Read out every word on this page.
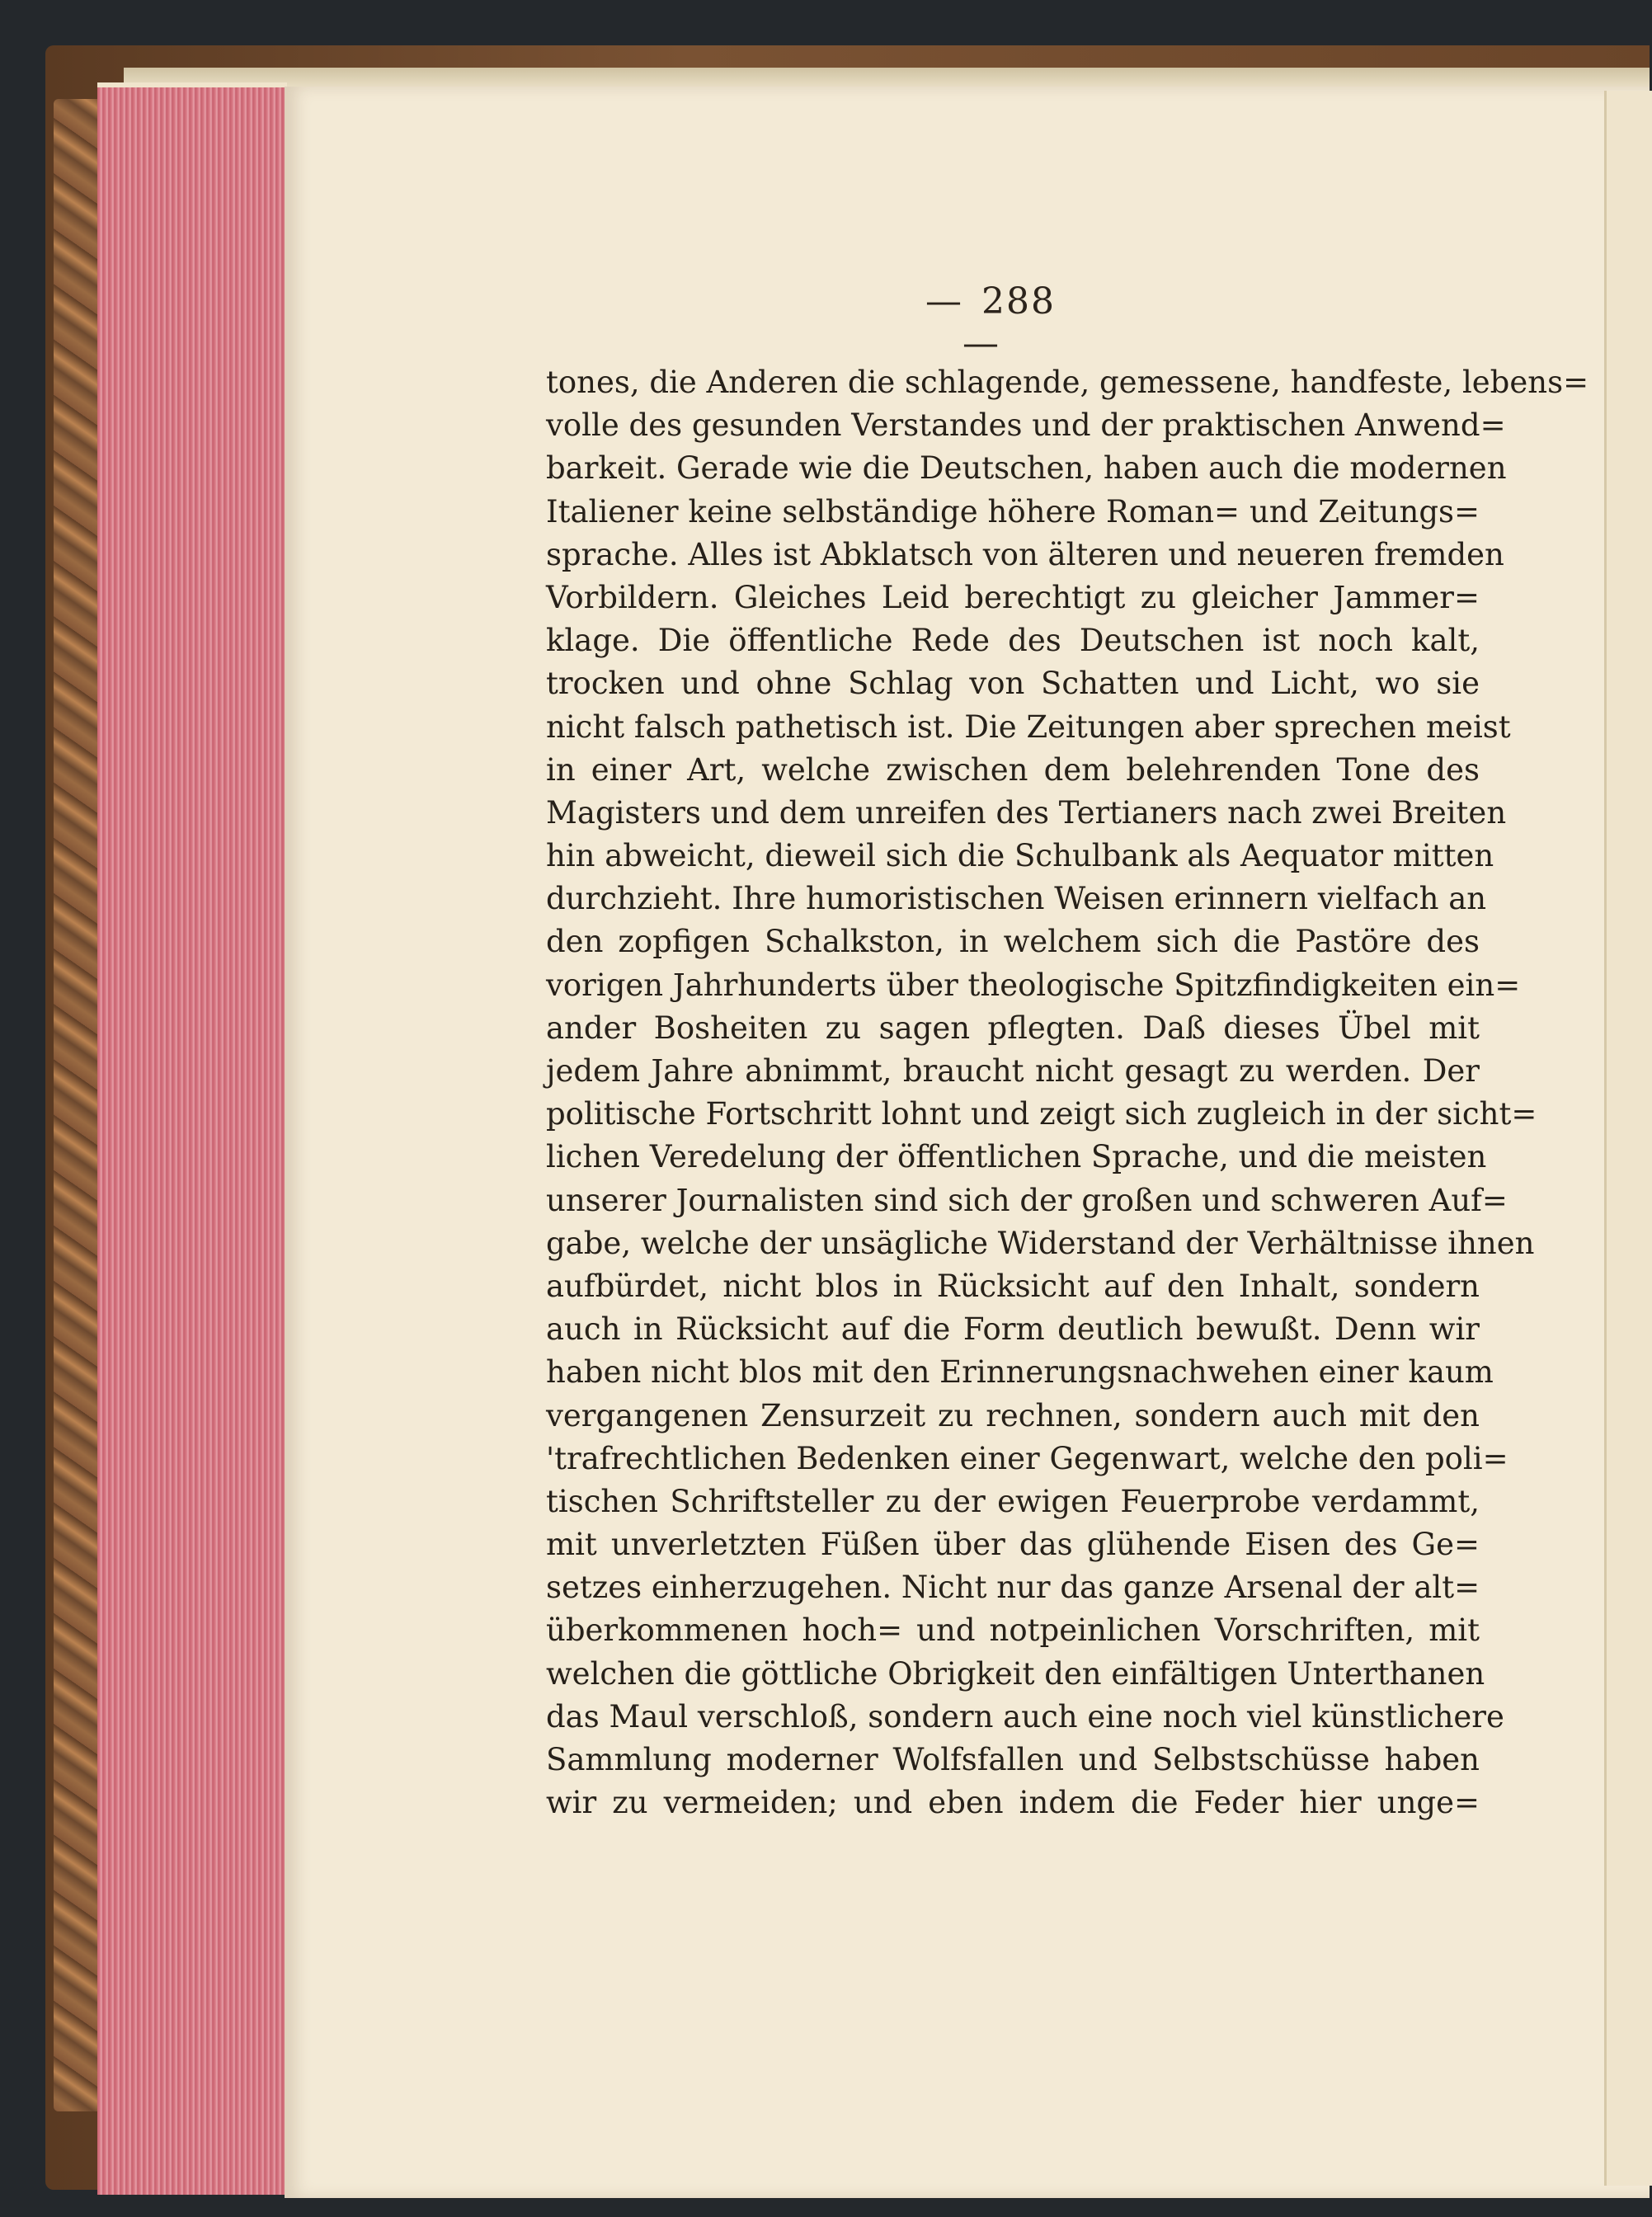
— 288—
tones, die Anderen die schlagende, gemessene, handfeste, lebens=
volle des gesunden Verstandes und der praktischen Anwend=
barkeit. Gerade wie die Deutschen, haben auch die modernen
Italiener keine selbständige höhere Roman= und Zeitungs=
sprache. Alles ist Abklatsch von älteren und neueren fremden
Vorbildern. Gleiches Leid berechtigt zu gleicher Jammer=
klage. Die öffentliche Rede des Deutschen ist noch kalt,
trocken und ohne Schlag von Schatten und Licht, wo sie
nicht falsch pathetisch ist. Die Zeitungen aber sprechen meist
in einer Art, welche zwischen dem belehrenden Tone des
Magisters und dem unreifen des Tertianers nach zwei Breiten
hin abweicht, dieweil sich die Schulbank als Aequator mitten
durchzieht. Ihre humoristischen Weisen erinnern vielfach an
den zopfigen Schalkston, in welchem sich die Pastöre des
vorigen Jahrhunderts über theologische Spitzfindigkeiten ein=
ander Bosheiten zu sagen pflegten. Daß dieses Übel mit
jedem Jahre abnimmt, braucht nicht gesagt zu werden. Der
politische Fortschritt lohnt und zeigt sich zugleich in der sicht=
lichen Veredelung der öffentlichen Sprache, und die meisten
unserer Journalisten sind sich der großen und schweren Auf=
gabe, welche der unsägliche Widerstand der Verhältnisse ihnen
aufbürdet, nicht blos in Rücksicht auf den Inhalt, sondern
auch in Rücksicht auf die Form deutlich bewußt. Denn wir
haben nicht blos mit den Erinnerungsnachwehen einer kaum
vergangenen Zensurzeit zu rechnen, sondern auch mit den
'trafrechtlichen Bedenken einer Gegenwart, welche den poli=
tischen Schriftsteller zu der ewigen Feuerprobe verdammt,
mit unverletzten Füßen über das glühende Eisen des Ge=
setzes einherzugehen. Nicht nur das ganze Arsenal der alt=
überkommenen hoch= und notpeinlichen Vorschriften, mit
welchen die göttliche Obrigkeit den einfältigen Unterthanen
das Maul verschloß, sondern auch eine noch viel künstlichere
Sammlung moderner Wolfsfallen und Selbstschüsse haben
wir zu vermeiden; und eben indem die Feder hier unge=
